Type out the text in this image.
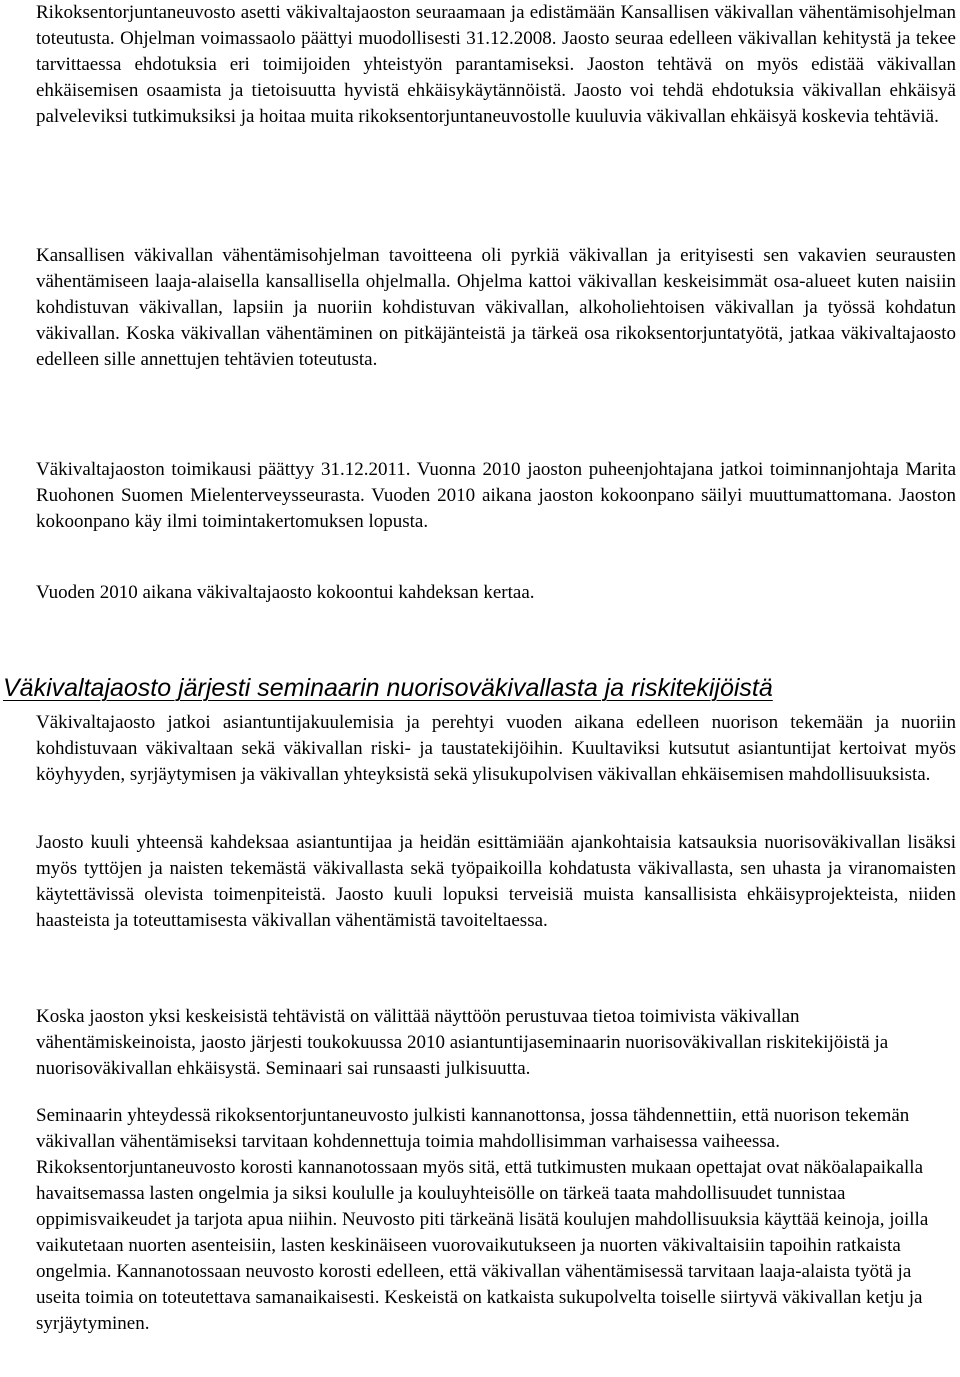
Rikoksentorjuntaneuvosto asetti väkivaltajaoston seuraamaan ja edistämään Kansallisen väkivallan vähentämisohjelman toteutusta. Ohjelman voimassaolo päättyi muodollisesti 31.12.2008. Jaosto seuraa edelleen väkivallan kehitystä ja tekee tarvittaessa ehdotuksia eri toimijoiden yhteistyön parantamiseksi. Jaoston tehtävä on myös edistää väkivallan ehkäisemisen osaamista ja tietoisuutta hyvistä ehkäisykäytännöistä. Jaosto voi tehdä ehdotuksia väkivallan ehkäisyä palveleviksi tutkimuksiksi ja hoitaa muita rikoksentorjuntaneuvostolle kuuluvia väkivallan ehkäisyä koskevia tehtäviä.

Kansallisen väkivallan vähentämisohjelman tavoitteena oli pyrkiä väkivallan ja erityisesti sen vakavien seurausten vähentämiseen laaja-alaisella kansallisella ohjelmalla. Ohjelma kattoi väkivallan keskeisimmät osa-alueet kuten naisiin kohdistuvan väkivallan, lapsiin ja nuoriin kohdistuvan väkivallan, alkoholiehtoisen väkivallan ja työssä kohdatun väkivallan. Koska väkivallan vähentäminen on pitkäjänteistä ja tärkeä osa rikoksentorjuntatyötä, jatkaa väkivaltajaosto edelleen sille annettujen tehtävien toteutusta.

Väkivaltajaoston toimikausi päättyy 31.12.2011. Vuonna 2010 jaoston puheenjohtajana jatkoi toiminnanjohtaja Marita Ruohonen Suomen Mielenterveysseurasta. Vuoden 2010 aikana jaoston kokoonpano säilyi muuttumattomana. Jaoston kokoonpano käy ilmi toimintakertomuksen lopusta.

Vuoden 2010 aikana väkivaltajaosto kokoontui kahdeksan kertaa.

Väkivaltajaosto järjesti seminaarin nuorisoväkivallasta ja riskitekijöistä

Väkivaltajaosto jatkoi asiantuntijakuulemisia ja perehtyi vuoden aikana edelleen nuorison tekemään ja nuoriin kohdistuvaan väkivaltaan sekä väkivallan riski- ja taustatekijöihin. Kuultaviksi kutsutut asiantuntijat kertoivat myös köyhyyden, syrjäytymisen ja väkivallan yhteyksistä sekä ylisukupolvisen väkivallan ehkäisemisen mahdollisuuksista.

Jaosto kuuli yhteensä kahdeksaa asiantuntijaa ja heidän esittämiään ajankohtaisia katsauksia nuorisoväkivallan lisäksi myös tyttöjen ja naisten tekemästä väkivallasta sekä työpaikoilla kohdatusta väkivallasta, sen uhasta ja viranomaisten käytettävissä olevista toimenpiteistä. Jaosto kuuli lopuksi terveisiä muista kansallisista ehkäisyprojekteista, niiden haasteista ja toteuttamisesta väkivallan vähentämistä tavoiteltaessa.

Koska jaoston yksi keskeisistä tehtävistä on välittää näyttöön perustuvaa tietoa toimivista väkivallan vähentämiskeinoista, jaosto järjesti toukokuussa 2010 asiantuntijaseminaarin nuorisoväkivallan riskitekijöistä ja nuorisoväkivallan ehkäisystä. Seminaari sai runsaasti julkisuutta.

Seminaarin yhteydessä rikoksentorjuntaneuvosto julkisti kannanottonsa, jossa tähdennettiin, että nuorison tekemän väkivallan vähentämiseksi tarvitaan kohdennettuja toimia mahdollisimman varhaisessa vaiheessa. Rikoksentorjuntaneuvosto korosti kannanotossaan myös sitä, että tutkimusten mukaan opettajat ovat näköalapaikalla havaitsemassa lasten ongelmia ja siksi koululle ja kouluyhteisölle on tärkeä taata mahdollisuudet tunnistaa oppimisvaikeudet ja tarjota apua niihin. Neuvosto piti tärkeänä lisätä koulujen mahdollisuuksia käyttää keinoja, joilla vaikutetaan nuorten asenteisiin, lasten keskinäiseen vuorovaikutukseen ja nuorten väkivaltaisiin tapoihin ratkaista ongelmia. Kannanotossaan neuvosto korosti edelleen, että väkivallan vähentämisessä tarvitaan laaja-alaista työtä ja useita toimia on toteutettava samanaikaisesti. Keskeistä on katkaista sukupolvelta toiselle siirtyvä väkivallan ketju ja syrjäytyminen.
